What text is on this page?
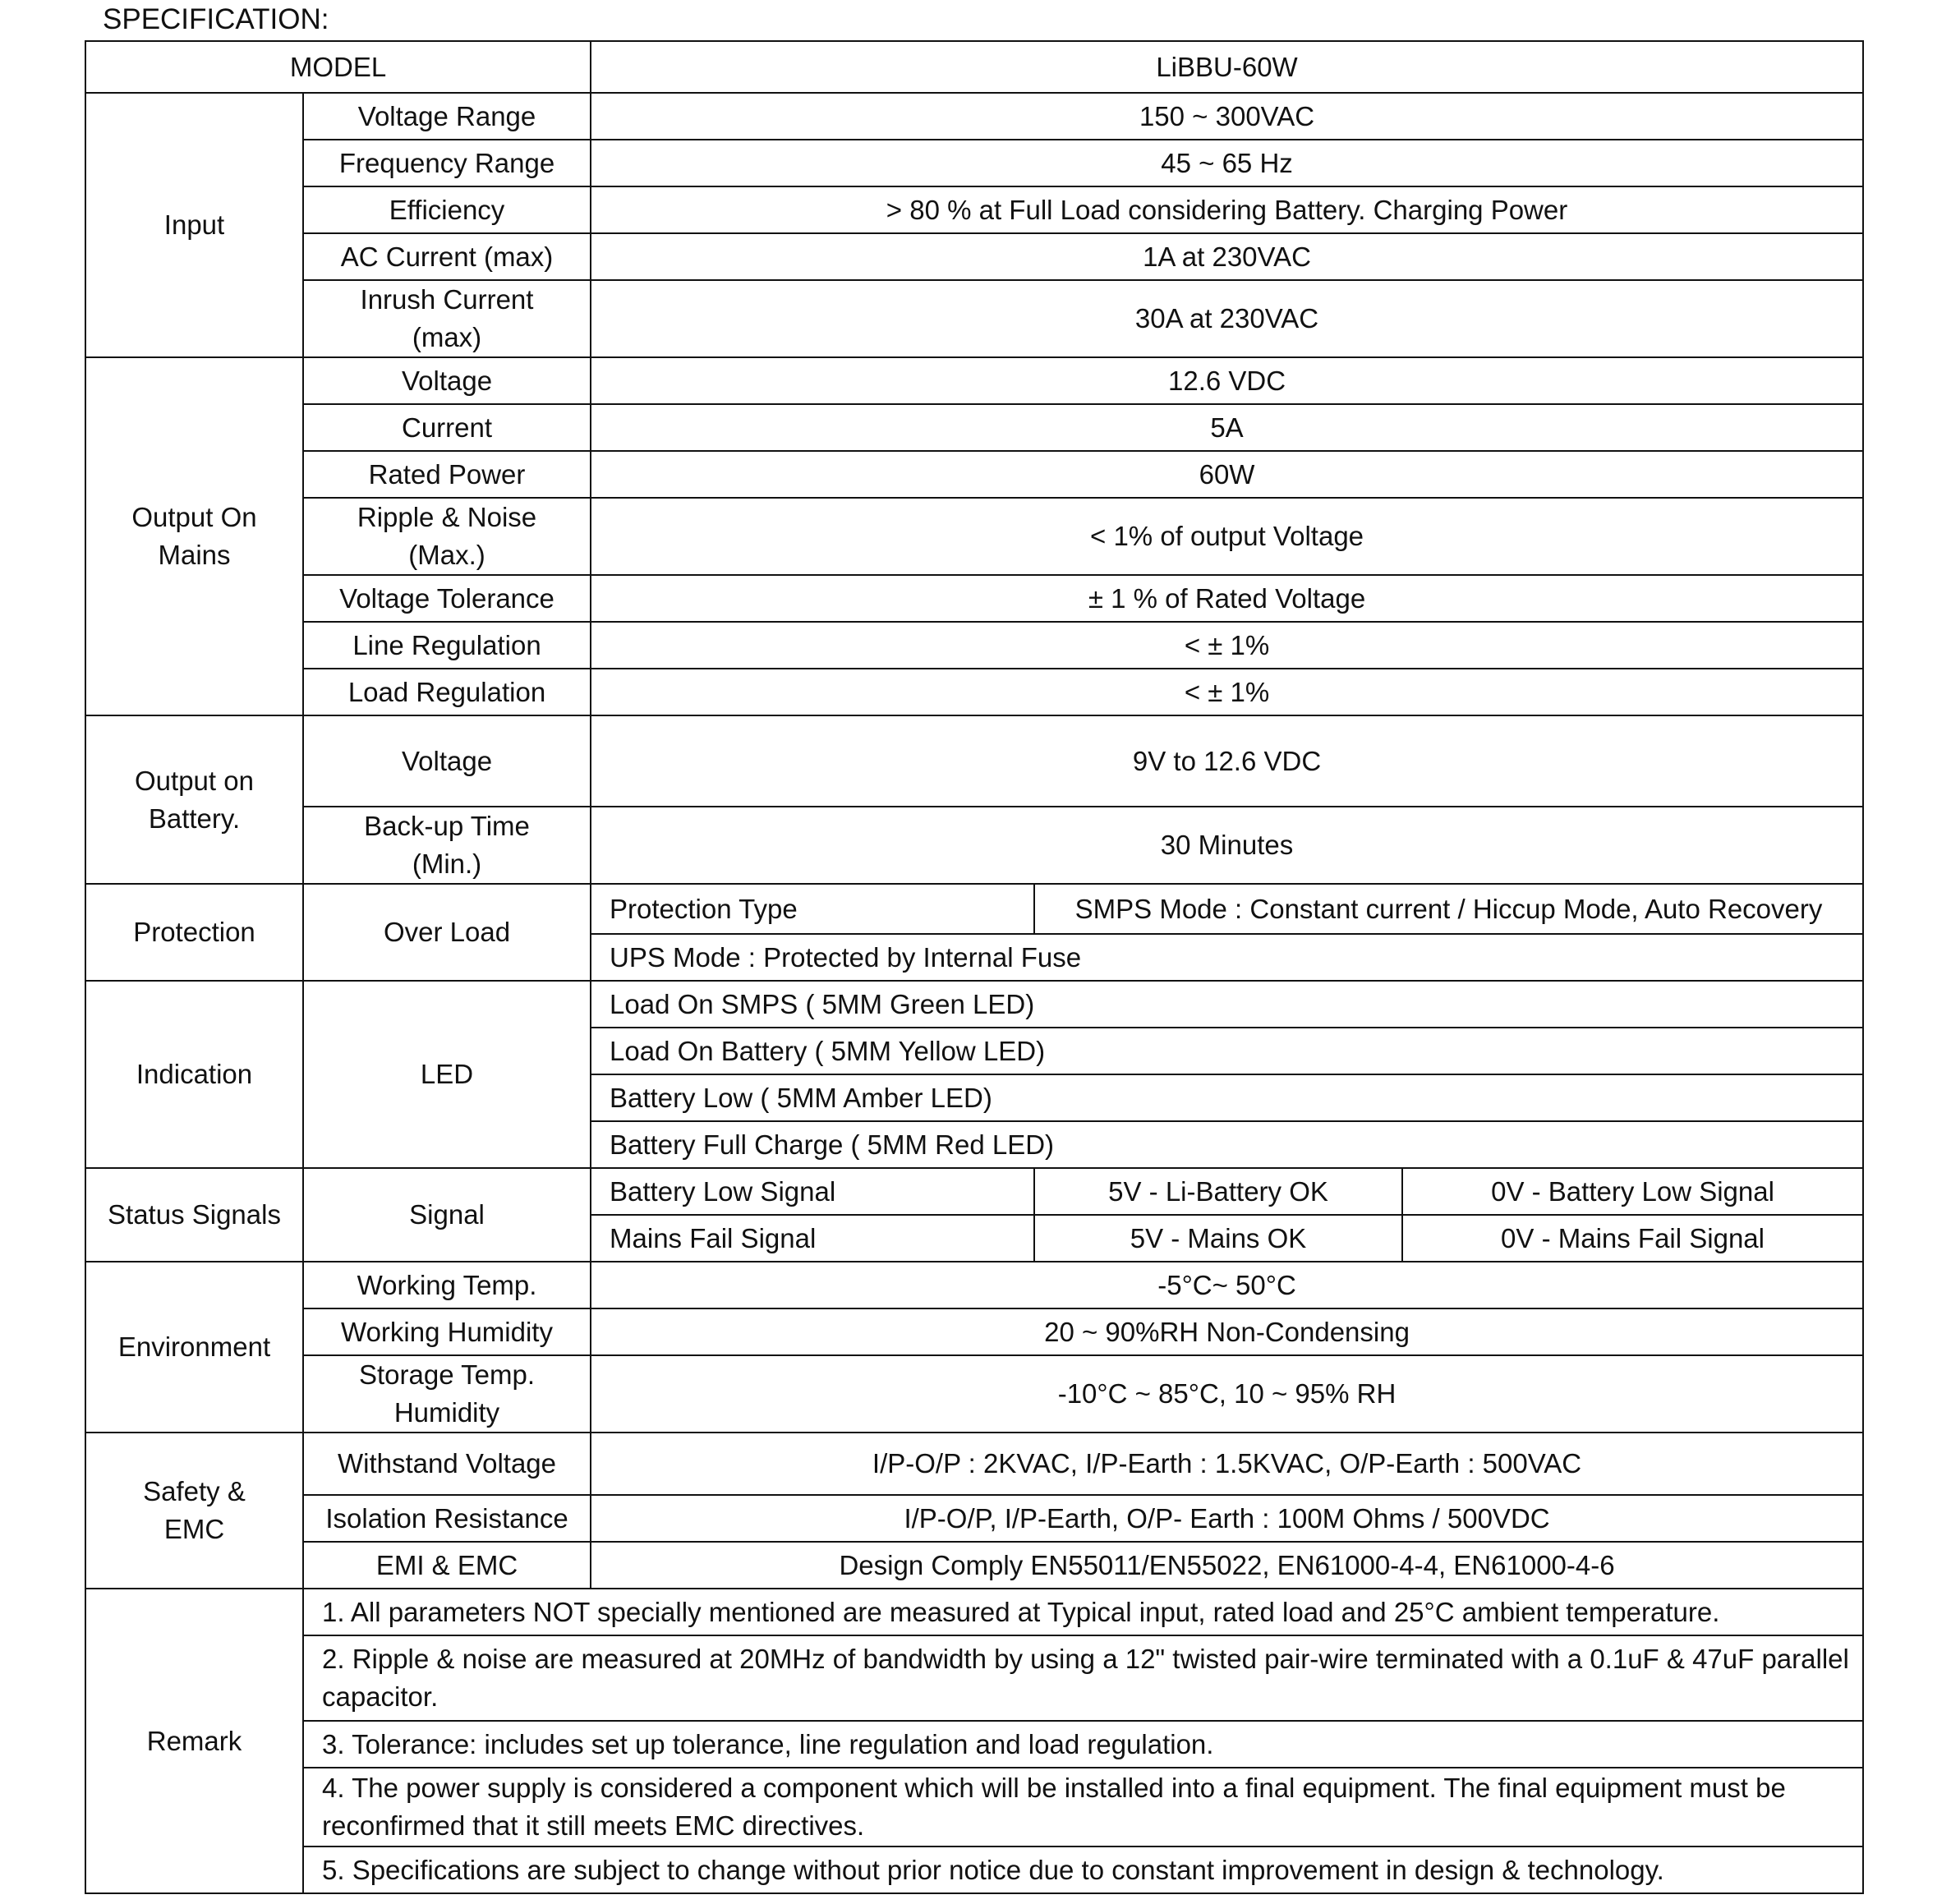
SPECIFICATION:
MODEL		LiBBU-60W		
Input	Voltage Range	150 ~ 300VAC		
	Frequency Range	45 ~ 65 Hz		
	Efficiency	> 80 % at Full Load considering Battery. Charging Power		
	AC Current (max)	1A at 230VAC		
	Inrush Current (max)	30A at 230VAC		
Output On Mains	Voltage	12.6 VDC		
	Current	5A		
	Rated Power	60W		
	Ripple & Noise (Max.)	< 1% of output Voltage		
	Voltage Tolerance	± 1 % of Rated Voltage		
	Line Regulation	< ± 1%		
	Load Regulation	< ± 1%		
Output on Battery.	Voltage	9V to 12.6 VDC		
	Back-up Time (Min.)	30 Minutes		
Protection	Over Load	Protection Type	SMPS Mode : Constant current / Hiccup Mode, Auto Recovery	
		UPS Mode : Protected by Internal Fuse		
Indication	LED	Load On SMPS ( 5MM Green LED)		
		Load On Battery ( 5MM Yellow LED)		
		Battery Low ( 5MM Amber LED)		
		Battery Full Charge ( 5MM Red LED)		
Status Signals	Signal	Battery Low Signal	5V - Li-Battery OK	0V - Battery Low Signal
		Mains Fail Signal	5V - Mains OK	0V - Mains Fail Signal
Environment	Working Temp.	-5°C~ 50°C		
	Working Humidity	20 ~ 90%RH Non-Condensing		
	Storage Temp. Humidity	-10°C ~ 85°C, 10 ~ 95% RH		
Safety & EMC	Withstand Voltage	I/P-O/P : 2KVAC, I/P-Earth : 1.5KVAC, O/P-Earth : 500VAC		
	Isolation Resistance	I/P-O/P, I/P-Earth, O/P- Earth : 100M Ohms / 500VDC		
	EMI & EMC	Design Comply EN55011/EN55022, EN61000-4-4, EN61000-4-6		
Remark	1. All parameters NOT specially mentioned are measured at Typical input, rated load and 25°C ambient temperature.			
	2. Ripple & noise are measured at 20MHz of bandwidth by using a 12" twisted pair-wire terminated with a 0.1uF & 47uF parallel capacitor.			
	3. Tolerance: includes set up tolerance, line regulation and load regulation.			
	4. The power supply is considered a component which will be installed into a final equipment. The final equipment must be reconfirmed that it still meets EMC directives.			
	5. Specifications are subject to change without prior notice due to constant improvement in design & technology.			
